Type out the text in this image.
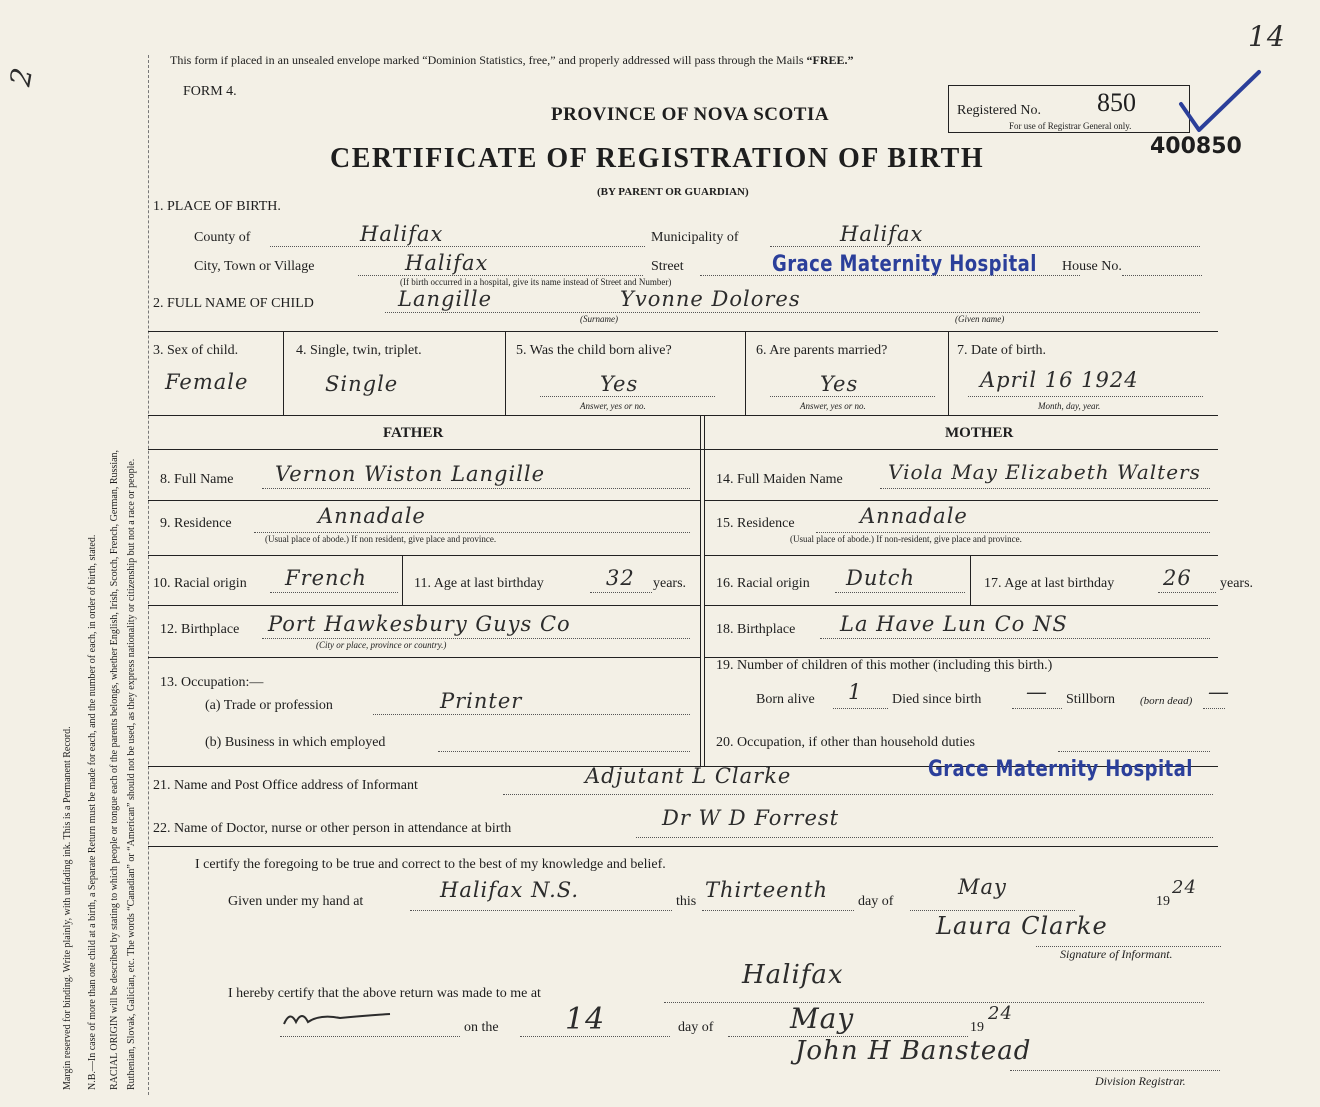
Margin reserved for binding. Write plainly, with unfading ink. This is a Permanent Record. N.B.—In case of more than one child at a birth, a Separate Return must be made for each, and the number of each, in order of birth, stated. RACIAL ORIGIN will be described by stating to which people or tongue each of the parents belongs, whether English, Irish, Scotch, French, German, Russian, Ruthenian, Slovak, Galician, etc. The words “Canadian” or “American” should not be used, as they express nationality or citizenship but not a race or people.
2
This form if placed in an unsealed envelope marked “Dominion Statistics, free,” and properly addressed will pass through the Mails “FREE.”
FORM 4.
PROVINCE OF NOVA SCOTIA
CERTIFICATE OF REGISTRATION OF BIRTH
(BY PARENT OR GUARDIAN)
Registered No. 850
For use of Registrar General only.
400850
14
1. PLACE OF BIRTH.
County of	Halifax	Municipality of	Halifax
City, Town or Village	Halifax	Street	Grace Maternity Hospital House No.
(If birth occurred in a hospital, give its name instead of Street and Number)
2. FULL NAME OF CHILD	Langille	Yvonne Dolores
(Surname)	(Given name)
3. Sex of child.
Female
4. Single, twin, triplet.
Single
5. Was the child born alive?
Yes
Answer, yes or no.
6. Are parents married?
Yes
Answer, yes or no.
7. Date of birth.
April 16 1924
Month, day, year.
FATHER	MOTHER
8. Full Name Vernon Wiston Langille
9. Residence	Annadale
(Usual place of abode.) If non resident, give place and province.
10. Racial origin French	11. Age at last birthday	32 years.
12. Birthplace Port Hawkesbury Guys Co
(City or place, province or country.)
13. Occupation:—
(a) Trade or profession	Printer
(b) Business in which employed
14. Full Maiden Name Viola May Elizabeth Walters
15. Residence	Annadale
(Usual place of abode.) If non-resident, give place and province.
16. Racial origin Dutch	17. Age at last birthday 26 years.
18. Birthplace La Have Lun Co NS
19. Number of children of this mother (including this birth.)
Born alive 1 Died since birth — Stillborn (born dead) —
20. Occupation, if other than household duties
21. Name and Post Office address of Informant	Adjutant L Clarke	Grace Maternity Hospital
22. Name of Doctor, nurse or other person in attendance at birth	Dr W D Forrest
I certify the foregoing to be true and correct to the best of my knowledge and belief.
Given under my hand at	Halifax N.S.	this Thirteenth day of
May
19
24
Laura Clarke
Signature of Informant.
I hereby certify that the above return was made to me at
Halifax
on the 14	day of	May	19
24
John H Banstead
Division Registrar.
